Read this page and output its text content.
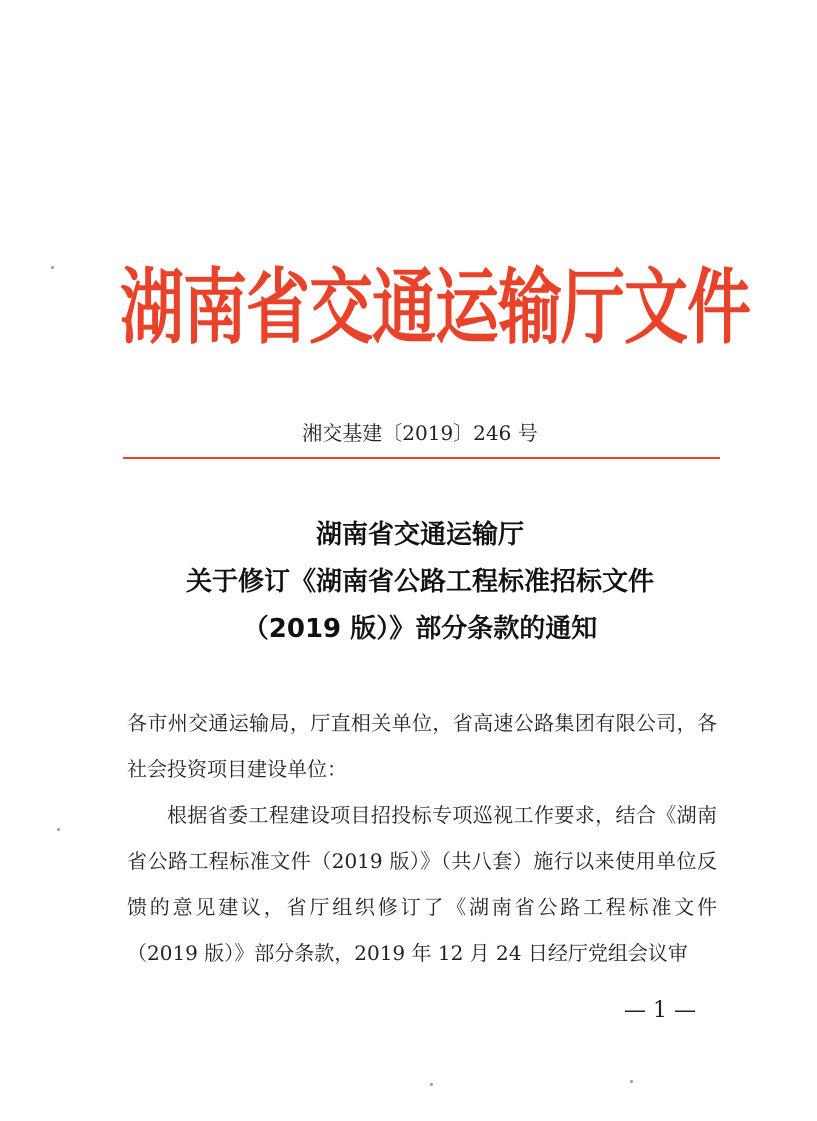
湖南省交通运输厅文件
湘交基建〔2019〕246 号
湖南省交通运输厅
关于修订《湖南省公路工程标准招标文件
（2019 版）》部分条款的通知

各市州交通运输局，厅直相关单位，省高速公路集团有限公司，各社会投资项目建设单位：

根据省委工程建设项目招投标专项巡视工作要求，结合《湖南省公路工程标准文件（2019 版）》（共八套）施行以来使用单位反馈的意见建议，省厅组织修订了《湖南省公路工程标准文件（2019 版）》部分条款，2019 年 12 月 24 日经厅党组会议审

— 1 —
